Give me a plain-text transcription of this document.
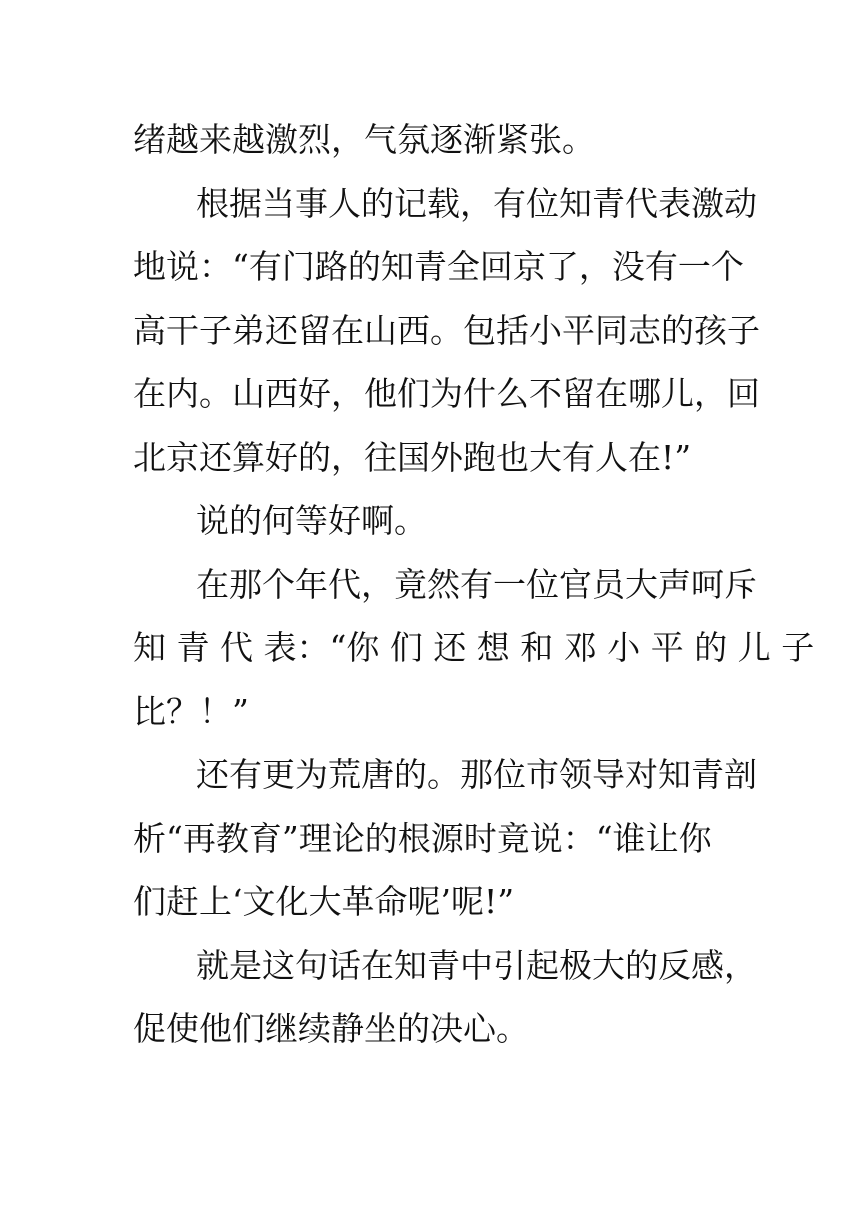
绪越来越激烈，气氛逐渐紧张。
根据当事人的记载，有位知青代表激动
地说：“有门路的知青全回京了，没有一个
高干子弟还留在山西。包括小平同志的孩子
在内。山西好，他们为什么不留在哪儿，回
北京还算好的，往国外跑也大有人在!”
说的何等好啊。
在那个年代，竟然有一位官员大声呵斥
知 青 代 表：“你 们 还 想 和 邓 小 平 的 儿 子
比？！”
还有更为荒唐的。那位市领导对知青剖
析“再教育”理论的根源时竟说：“谁让你
们赶上‘文化大革命呢’呢!”
就是这句话在知青中引起极大的反感，
促使他们继续静坐的决心。
